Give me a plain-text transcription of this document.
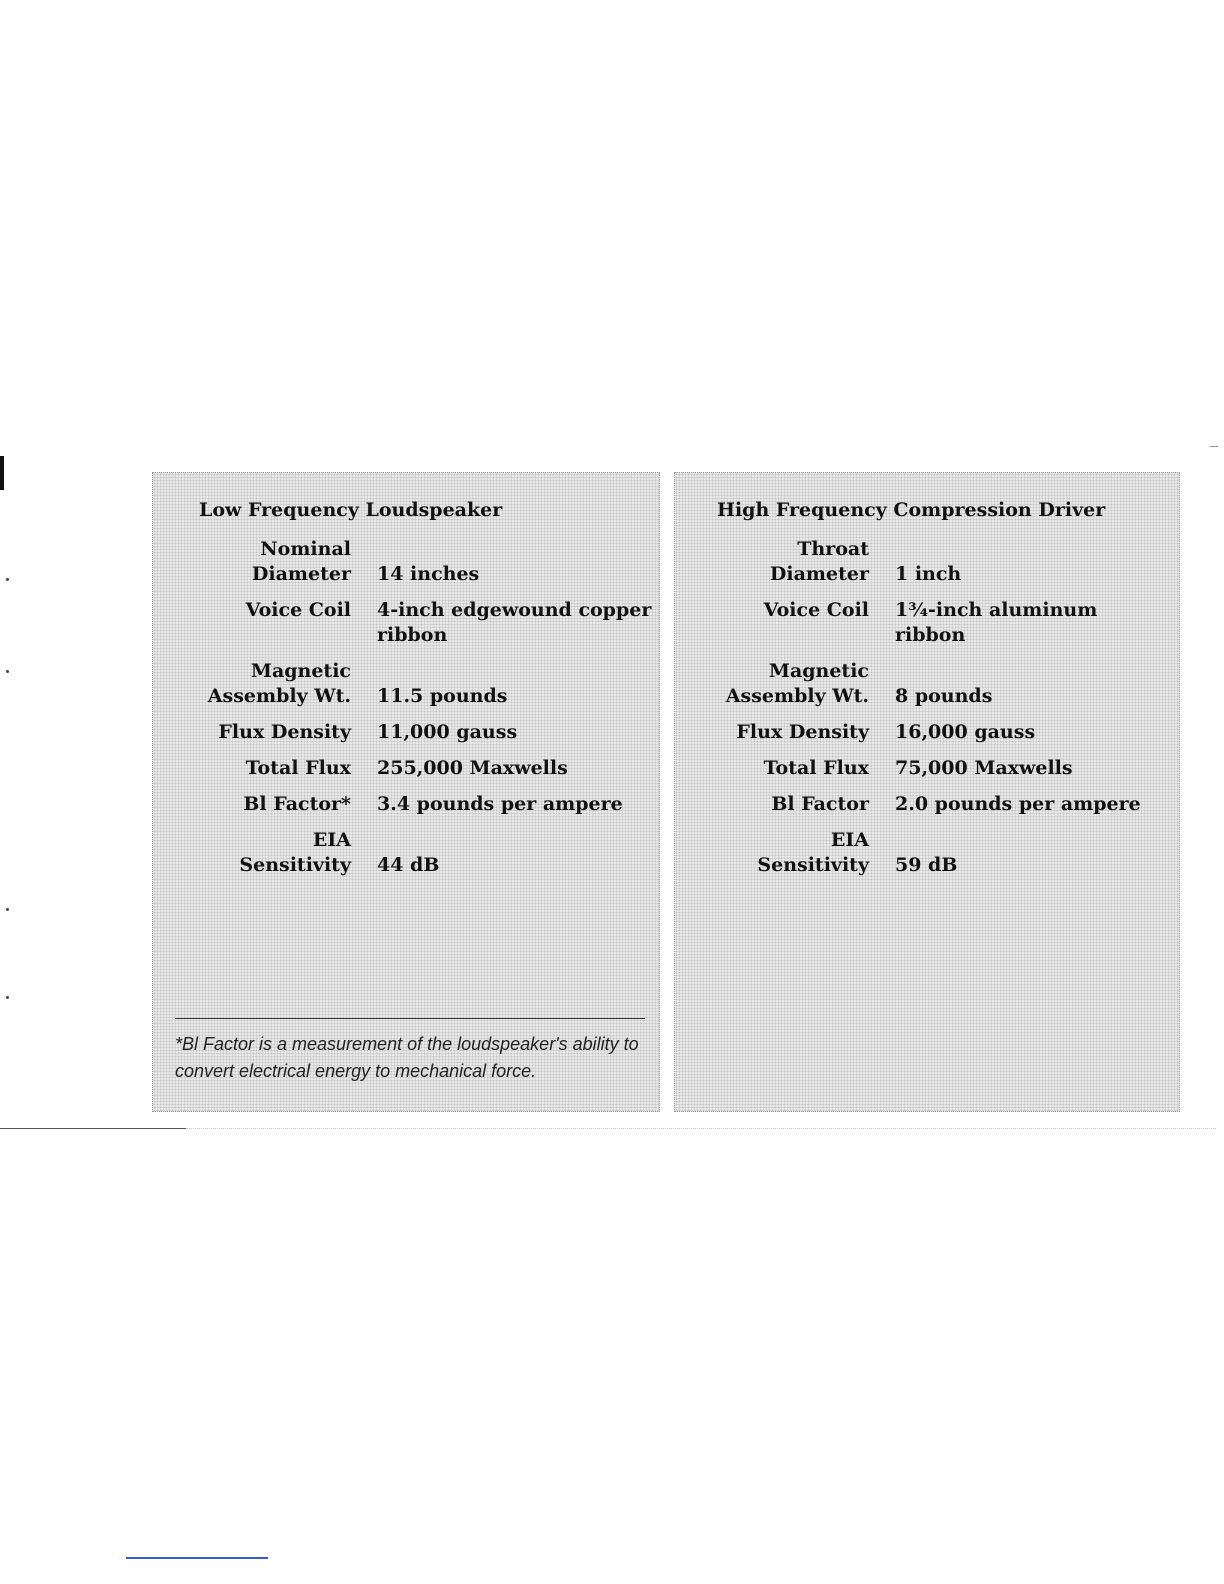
Low Frequency Loudspeaker
Nominal
Diameter	14 inches
Voice Coil	4-inch edgewound copper ribbon
Magnetic
Assembly Wt.	11.5 pounds
Flux Density	11,000 gauss
Total Flux	255,000 Maxwells
Bl Factor*	3.4 pounds per ampere
EIA Sensitivity	44 dB
*Bl Factor is a measurement of the loudspeaker's ability to convert electrical energy to mechanical force.
High Frequency Compression Driver
Throat
Diameter	1 inch
Voice Coil	1¾-inch aluminum ribbon
Magnetic
Assembly Wt.	8 pounds
Flux Density	16,000 gauss
Total Flux	75,000 Maxwells
Bl Factor	2.0 pounds per ampere
EIA Sensitivity	59 dB
